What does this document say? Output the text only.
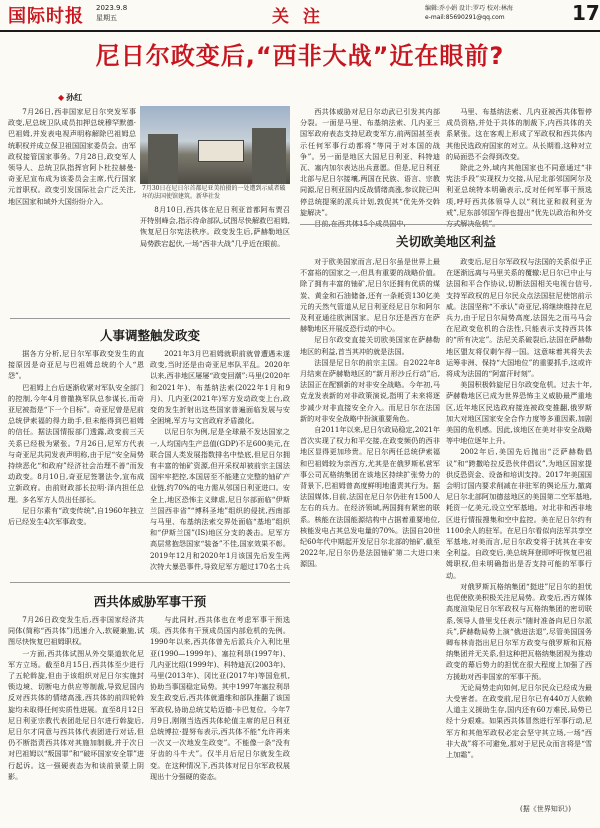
国际时报 2023.9.8
星期五	关 注	编辑:乔小娟 设计:罗巧 校对:林海
e-mail:85690291@qq.com	17
尼日尔政变后,“西非大战”近在眼前?
◆ 孙红

7月26日,西非国家尼日尔突发军事政变,尼总统卫队成员扣押总统穆罕默德·巴祖姆,并发表电视声明称解除巴祖姆总统职权并成立保卫祖国国家委员会。由军政权接管国家事务。7月28日,政变军人领导人、总统卫队指挥官阿卜杜拉赫曼·奇亚尼宣布成为该委员会主席,代行国家元首职权。政变引发国际社会广泛关注,地区国家和域外大国纷纷介入。

7月30日在尼日尔首都尼亚美拍摄的一处遭到示威者破坏的法国使馆建筑。新华社发

8月10日,西共体在尼日利亚首都阿布贾召开特别峰会,指示待命部队,试图尽快解救巴祖姆,恢复尼日尔宪法秩序。政变发生后,萨赫勒地区局势跌宕起伏,一场“西非大战”几乎近在眼前。

人事调整触发政变

据各方分析,尼日尔军事政变发生的直接原因是奇亚尼与巴祖姆总统的个人“恩怨”。

巴祖姆上台后逐渐收紧对军队安全部门的控制,今年4月曾撤换军队总参谋长,而奇亚尼被指是“下一个目标”。奇亚尼曾是尼前总统伊索福的得力助手,但未能得到巴祖姆的信任。据法国情报部门透露,政变前三天关系已经极为紧张。7月26日,尼军方代表与奇亚尼共同发表声明称,由于尼“安全局势持续恶化“和政府”经济社会治理不善“而发动政变。8月10日,奇亚尼签署法令,宣布成立新政府。由前财政部长拉明·泽内担任总理。多名军方人员出任部长。

尼日尔素有“政变传统”,自1960年独立后已经发生4次军事政变。

2021年3月巴祖姆就职前就曾遭遇未遂政变,当时还是由奇亚尼率队平乱。2020年以来,西非地区屡屡“政变回潮”:马里(2020年和2021年)、布基纳法索(2022年1月和9月)、几内亚(2021年)军方发动政变上台,政变的发生折射出这些国家普遍面临发展与安全困境,军方与文官政府矛盾激化。

以尼日尔为例,尼是全球最不发达国家之一,人均国内生产总值(GDP)不足600美元,在联合国人类发展指数排名中垫底,但尼日尔拥有丰富的铀矿资源,但开采权却被前宗主国法国牢牢把控,本国居至不能建立完整的铀矿产业链,约70%的电力需从邻国日利亚进口。安全上,地区恐怖主义肆虐,尼日尔部面临“伊斯兰国西非省”“博科圣地”组织的侵扰,西南部与马里、布基纳法索交界处面临“基地”组织和“伊斯兰国”(IS)地区分支的袭击。尼军方高层常抱怨国家“装备”不佳,国家效果不彰。2019年12月和2020年1月该国先后发生两次特大暴恐事件,导致尼军方超过170名士兵

西共体威胁军事干预

7月26日政变发生后,西非国家经济共同体(简称“西共体”)迅速介入,软硬兼施,试图尽快恢复巴祖姆职权。

一方面,西共体试图从外交渠道软化尼军方立场。截至8月15日,西共体至少进行了五轮斡旋,但由于该组织对尼日尔实施封锁边境、切断电力供应等制裁,导致尼国内反对西共体的情绪高涨,西共体的前四轮斡旋均未取得任何实质性进展。直至8月12日尼日利亚宗教代表团赴尼日尔进行斡旋后,尼日尔才同意与西共体代表团进行对话,但仍不断指责西共体对其施加制裁,并于次日对巴祖姆以“叛国罪”和“破坏国家安全罪”进行起诉。这一强硬表态为和谈前景蒙上阴影。

与此同时,西共体也在考虑军事干预选项。西共体有干预成员国内部危机的先例。1990年以来,西共体曾先后派兵介入利比里亚(1990—1999年)、塞拉利昂(1997年)、几内亚比绍(1999年)、科特迪瓦(2003年)、马里(2013年)、冈比亚(2017年)等国危机,协助当事国稳定局势。其中1997年塞拉利昂发生政变后,西共体就遣维和部队推翻了该国军政权,协助总统艾哈迈德·卡巴复位。今年7月9日,刚刚当选西共体轮值主席的尼日利亚总统博拉·提努布表示,西共体不能“允许再来一次又一次地发生政变”。不能像一条“没有牙齿的斗牛犬”。仅半月后尼日尔就发生政变。在这种情况下,西共体对尼日尔军政权展现出十分强硬的姿态。

西共体威胁对尼日尔动武已引发其内部分裂。一面是马里、布基纳法索、几内亚三国军政府表态支持尼政变军方,前两国甚至表示任何军事行动都将“等同于对本国的战争”。另一面是地区大国尼日利亚、科特迪瓦、塞内加尔表达出兵意愿。但是,尼日利亚北部与尼日尔接壤,两国在民族、语言、宗教同源,尼日利亚国内反战情绪高涨,参议院已叫停总统提案的派兵计划,敦促其“优先外交斡旋解决”。

马里、布基纳法索、几内亚被西共体暂停成员资格,并处于共体的制裁下,内西共体的关系紧张。这在客观上形成了军政权和西共体内其他民选政府国家的对立。从长期看,这种对立的局面恐不会得到改变。

除此之外,域内其他国家也不同意通过“非宪法手段”实现权力交接,从尼北部邻国阿尔及利亚总统特本明确表示,反对任何军事干预选项,呼吁西共体领导人以“利比亚和叙利亚为戒”,尼东部邻国乍得也提出“优先以政治和外交

关切欧美地区利益

对于欧美国家而言,尼日尔虽是世界上最不富裕的国家之一,但具有重要的战略价值。除了拥有丰富的铀矿,尼日尔还拥有优质的煤炭、黄金和石油储备,还有一条耗资130亿美元的天然气管道从尼日利亚经尼日尔和阿尔及利亚通往欧洲国家。尼日尔还是西方在萨赫勒地区开展反恐行动的中心。

尼日尔政变直接关切欧美国家在萨赫勒地区的利益,首当其冲的就是法国。

法国是尼日尔的前宗主国。自2022年8月结束在萨赫勒地区的“新月形沙丘行动”后,法国正在配额新的对非安全战略。今年初,马克龙发表新的对非政策演说,指明了未来将逐步减少对非直接安全介入。而尼日尔在法国新的对非安全战略中扮演重要角色。

自2011年以来,尼日尔政局稳定,2021年首次实现了权力和平交接,在政变频仍的西非地区显得更加珍贵。尼日尔两任总统伊索福和巴祖姆较为亲西方,尤其是在俄罗斯私营军事公司瓦格纳集团在该地区持续扩张势力的背景下,巴祖姆曾高度鲜明地遣责其行为。据法国媒体,目前,法国在尼日尔仍驻有1500人左右的兵力。在经济领域,两国拥有紧密的联系。核能在法国能源结构中占据着重要地位,核能发电占其总发电量的70%。法国自20世纪60年代中期起开发尼日尔北部的铀矿,截至2022年,尼日尔仍是法国铀矿第二大进口来源国。

政变后,尼日尔军政权与法国的关系似乎正在逐渐远离与马里关系的覆辙:尼日尔已中止与法国和平合作协议,切断法国相关电视台信号,支持军政权的尼日尔民众点法国驻尼使馆前示威。法国坚称“不承认”奇亚尼,将继续维持在尼兵力,由于尼日尔局势高度,法国先之而马马会在尼政变危机的合法性,只能表示支持西共体的“所有决定”。法尼关系破裂后,法国在萨赫勒地区盟友将仅剩乍得一国。这意味着其将失去运筹非洲、保持“大国地位”的重要抓手,这或许将成为法国的“阿富汗时刻”。

美国积极斡旋尼日尔政变危机。过去十年,萨赫勒地区已成为世界恐怖主义威胁最严重地区,近年地区民选政府接连被政变推翻,俄罗斯加大对地区国家安全合作力度等多重因素,加剧美国的危机感。因此,该地区在美对非安全战略等中地位逐年上升。

2002年后,美国先后抛出“泛萨赫勒倡议”和“跨撒哈拉反恐伙伴倡议”,为地区国家提供反恐资金、设备和培训支持。2017年美国国会明订国内要求削减在非驻军的舆论压力,撤离尼日尔北部阿加德兹地区的美国第二空军基地,耗资一亿美元,设立空军基地。对北非和西非地区进行情报搜集和空中监控。美在尼日尔约有1100余人的驻军。在尼日尔看似向法军共享空军基地,对美而言,尼日尔政变将于扰其在非安全利益。自政变后,美总统拜登即呼吁恢复巴祖姆职权,但未明确指出是否支持可能的军事行动。

对俄罗斯瓦格纳集团“挺进”尼日尔的担忧也促使欧美积极关注尼局势。政变后,西方媒体高度渲染尼日尔军政权与瓦格纳集团的密切联系,领导人普里戈任表示“随时准备向尼日尔派兵”,萨赫勒局势上演“俄进法退”,尽管美国国务卿布林肯指出尼日尔军方政变与俄罗斯和瓦格纳集团并无关系,但这种把瓦格纳集团视为推动政变的幕后势力的担忧在很大程度上加强了西方援助对西非国家的军事干预。

无论局势走向如何,尼日尔民众已经成为最大受害者。在政变前,尼日尔已有440万人依赖人道主义援助生存,国内还有60万难民,局势已经十分艰难。如果西共体冒然进行军事行动,尼军方和其他军政权必定会坚守其立场,一场“西非大战”将不可避免,那对于尼民众而言将是“雪上加霜”。

(据《世界知识》)
